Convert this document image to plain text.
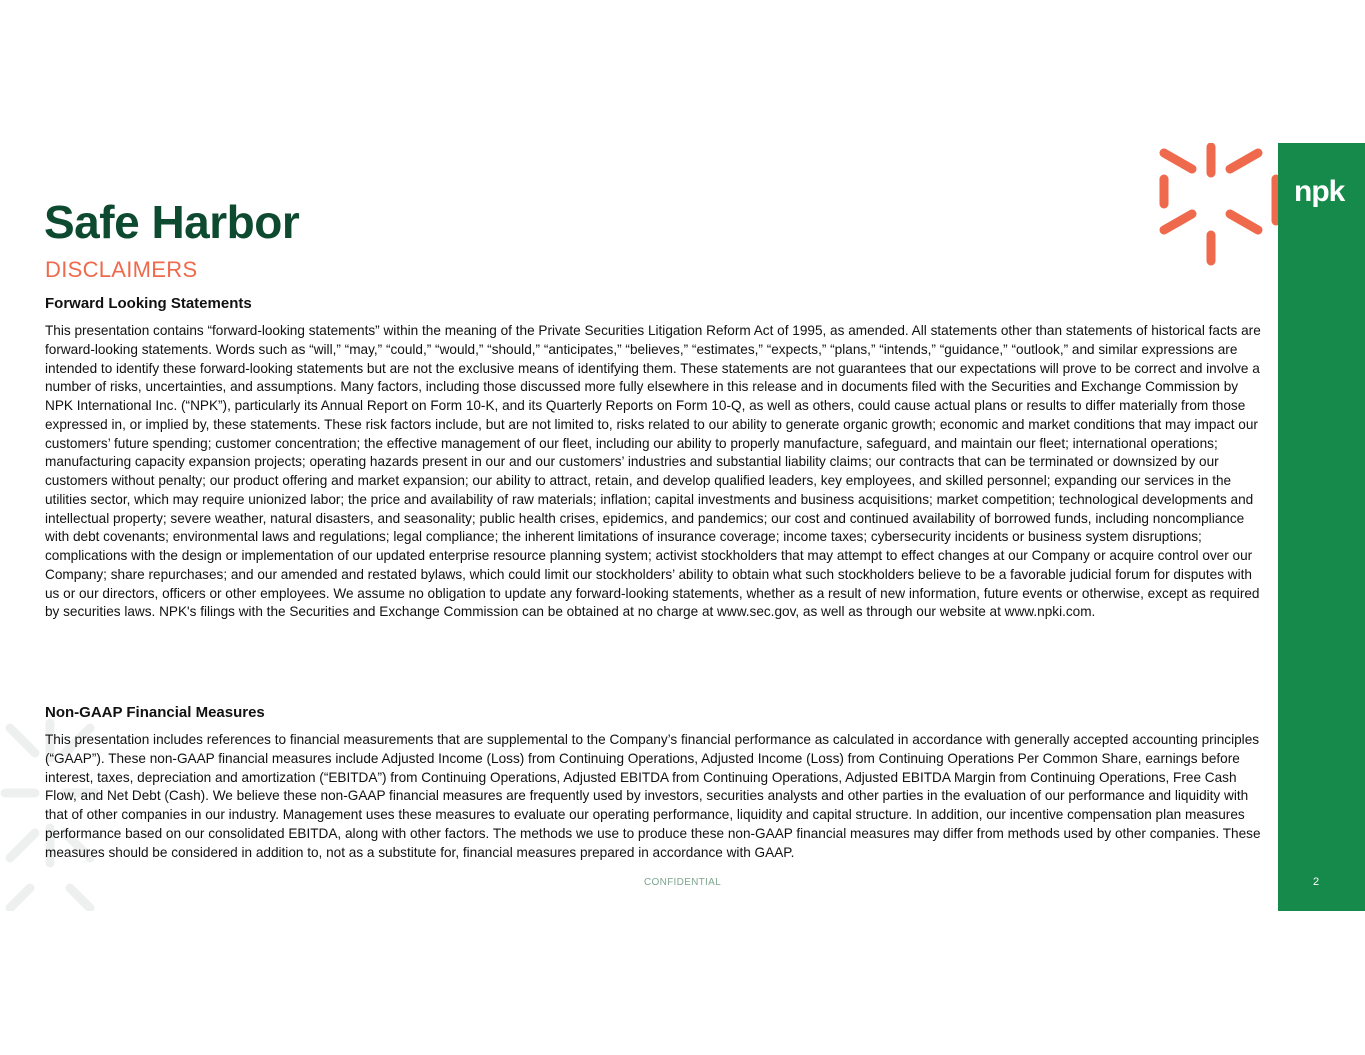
npk
2
Safe Harbor
DISCLAIMERS
Forward Looking Statements

This presentation contains “forward-looking statements” within the meaning of the Private Securities Litigation Reform Act of 1995, as amended. All statements other than statements of historical facts are forward-looking statements. Words such as “will,” “may,” “could,” “would,” “should,” “anticipates,” “believes,” “estimates,” “expects,” “plans,” “intends,” “guidance,” “outlook,” and similar expressions are intended to identify these forward-looking statements but are not the exclusive means of identifying them. These statements are not guarantees that our expectations will prove to be correct and involve a number of risks, uncertainties, and assumptions. Many factors, including those discussed more fully elsewhere in this release and in documents filed with the Securities and Exchange Commission by NPK International Inc. (“NPK”), particularly its Annual Report on Form 10-K, and its Quarterly Reports on Form 10-Q, as well as others, could cause actual plans or results to differ materially from those expressed in, or implied by, these statements. These risk factors include, but are not limited to, risks related to our ability to generate organic growth; economic and market conditions that may impact our customers’ future spending; customer concentration; the effective management of our fleet, including our ability to properly manufacture, safeguard, and maintain our fleet; international operations; manufacturing capacity expansion projects; operating hazards present in our and our customers’ industries and substantial liability claims; our contracts that can be terminated or downsized by our customers without penalty; our product offering and market expansion; our ability to attract, retain, and develop qualified leaders, key employees, and skilled personnel; expanding our services in the utilities sector, which may require unionized labor; the price and availability of raw materials; inflation; capital investments and business acquisitions; market competition; technological developments and intellectual property; severe weather, natural disasters, and seasonality; public health crises, epidemics, and pandemics; our cost and continued availability of borrowed funds, including noncompliance with debt covenants; environmental laws and regulations; legal compliance; the inherent limitations of insurance coverage; income taxes; cybersecurity incidents or business system disruptions; complications with the design or implementation of our updated enterprise resource planning system; activist stockholders that may attempt to effect changes at our Company or acquire control over our Company; share repurchases; and our amended and restated bylaws, which could limit our stockholders’ ability to obtain what such stockholders believe to be a favorable judicial forum for disputes with us or our directors, officers or other employees. We assume no obligation to update any forward-looking statements, whether as a result of new information, future events or otherwise, except as required by securities laws. NPK's filings with the Securities and Exchange Commission can be obtained at no charge at www.sec.gov, as well as through our website at www.npki.com.

Non-GAAP Financial Measures

This presentation includes references to financial measurements that are supplemental to the Company’s financial performance as calculated in accordance with generally accepted accounting principles (“GAAP”). These non-GAAP financial measures include Adjusted Income (Loss) from Continuing Operations, Adjusted Income (Loss) from Continuing Operations Per Common Share, earnings before interest, taxes, depreciation and amortization (“EBITDA”) from Continuing Operations, Adjusted EBITDA from Continuing Operations, Adjusted EBITDA Margin from Continuing Operations, Free Cash Flow, and Net Debt (Cash). We believe these non-GAAP financial measures are frequently used by investors, securities analysts and other parties in the evaluation of our performance and liquidity with that of other companies in our industry. Management uses these measures to evaluate our operating performance, liquidity and capital structure. In addition, our incentive compensation plan measures performance based on our consolidated EBITDA, along with other factors. The methods we use to produce these non-GAAP financial measures may differ from methods used by other companies. These measures should be considered in addition to, not as a substitute for, financial measures prepared in accordance with GAAP.

CONFIDENTIAL
